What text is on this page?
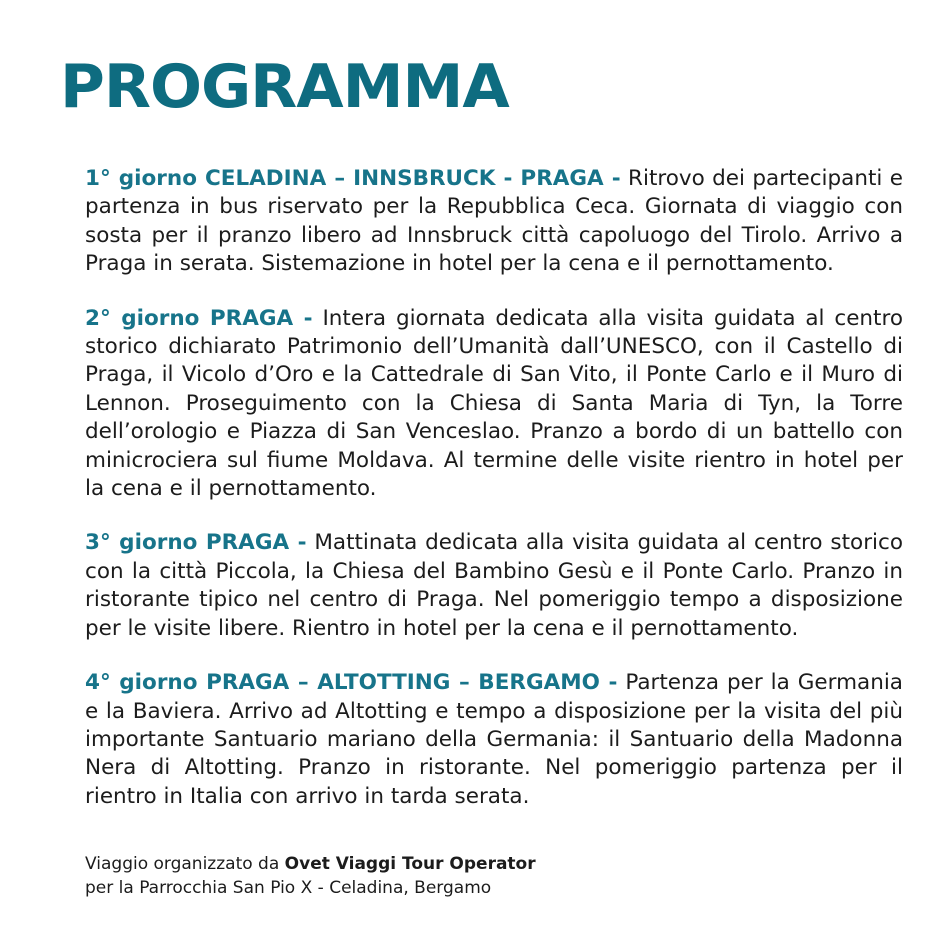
PROGRAMMA

1° giorno CELADINA – INNSBRUCK - PRAGA - Ritrovo dei partecipanti e partenza in bus riservato per la Repubblica Ceca. Giornata di viaggio con sosta per il pranzo libero ad Innsbruck città capoluogo del Tirolo. Arrivo a Praga in serata. Sistemazione in hotel per la cena e il pernottamento.

2° giorno PRAGA - Intera giornata dedicata alla visita guidata al centro storico dichiarato Patrimonio dell’Umanità dall’UNESCO, con il Castello di Praga, il Vicolo d’Oro e la Cattedrale di San Vito, il Ponte Carlo e il Muro di Lennon. Proseguimento con la Chiesa di Santa Maria di Tyn, la Torre dell’orologio e Piazza di San Venceslao. Pranzo a bordo di un battello con minicrociera sul fiume Moldava. Al termine delle visite rientro in hotel per la cena e il pernottamento.

3° giorno PRAGA - Mattinata dedicata alla visita guidata al centro storico con la città Piccola, la Chiesa del Bambino Gesù e il Ponte Carlo. Pranzo in ristorante tipico nel centro di Praga. Nel pomeriggio tempo a disposizione per le visite libere. Rientro in hotel per la cena e il pernottamento.

4° giorno PRAGA – ALTOTTING – BERGAMO - Partenza per la Germania e la Baviera. Arrivo ad Altotting e tempo a disposizione per la visita del più importante Santuario mariano della Germania: il Santuario della Madonna Nera di Altotting. Pranzo in ristorante. Nel pomeriggio partenza per il rientro in Italia con arrivo in tarda serata.

Viaggio organizzato da Ovet Viaggi Tour Operator
per la Parrocchia San Pio X - Celadina, Bergamo
